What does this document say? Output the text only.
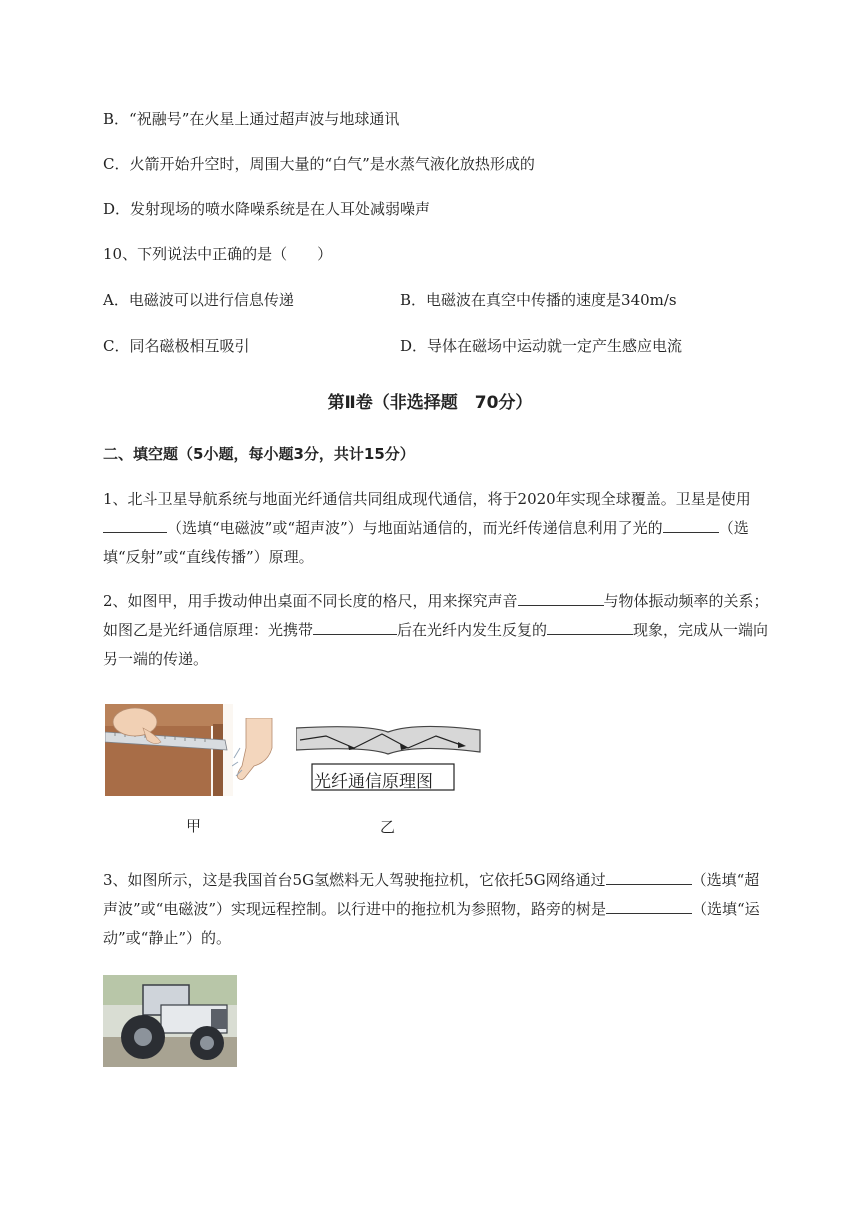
B．“祝融号”在火星上通过超声波与地球通讯
C．火箭开始升空时，周围大量的“白气”是水蒸气液化放热形成的
D．发射现场的喷水降噪系统是在人耳处减弱噪声
10、下列说法中正确的是（　　）
A．电磁波可以进行信息传递	B．电磁波在真空中传播的速度是340m/s
C．同名磁极相互吸引	D．导体在磁场中运动就一定产生感应电流
第Ⅱ卷（非选择题　70分）
二、填空题（5小题，每小题3分，共计15分）
1、北斗卫星导航系统与地面光纤通信共同组成现代通信，将于2020年实现全球覆盖。卫星是使用
（选填“电磁波”或“超声波”）与地面站通信的，而光纤传递信息利用了光的	（选
填“反射”或“直线传播”）原理。
2、如图甲，用手拨动伸出桌面不同长度的格尺，用来探究声音	与物体振动频率的关系；
如图乙是光纤通信原理：光携带	后在光纤内发生反复的	现象，完成从一端向
另一端的传递。
甲
光纤通信原理图
乙
3、如图所示，这是我国首台5G氢燃料无人驾驶拖拉机，它依托5G网络通过	（选填“超
声波”或“电磁波”）实现远程控制。以行进中的拖拉机为参照物，路旁的树是	（选填“运
动”或“静止”）的。
